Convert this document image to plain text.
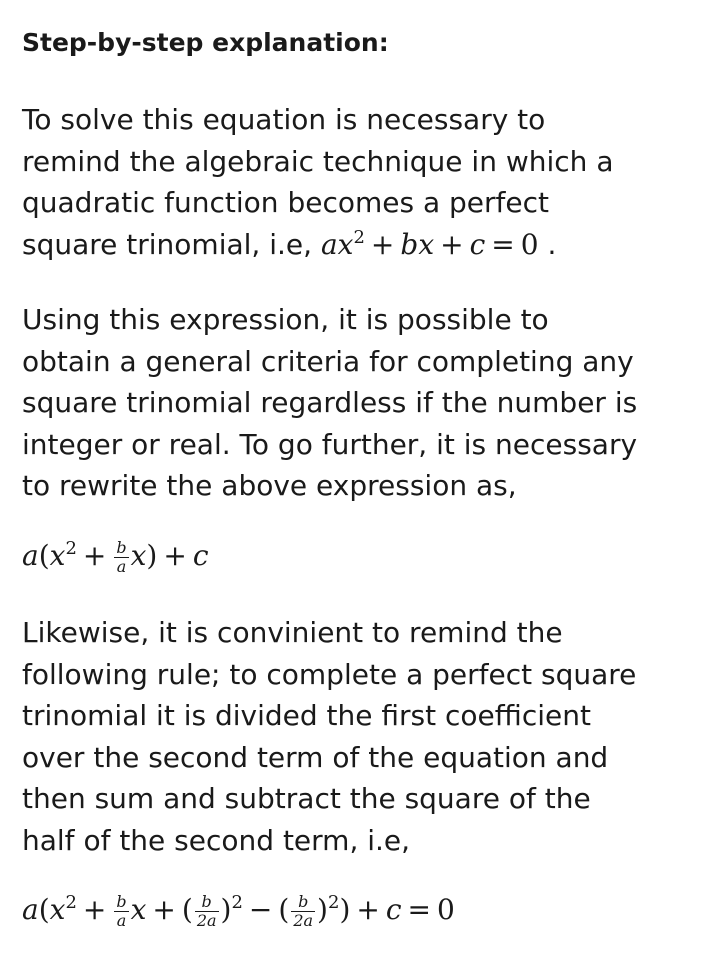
Step-by-step explanation:
To solve this equation is necessary to
remind the algebraic technique in which a
quadratic function becomes a perfect
square trinomial, i.e, $ax^2$ + bx + c = 0 .
Using this expression, it is possible to
obtain a general criteria for completing any
square trinomial regardless if the number is
integer or real. To go further, it is necessary
to rewrite the above expression as,
$a(x^2 + \frac{b}{a} x) + c$
Likewise, it is convinient to remind the
following rule; to complete a perfect square
trinomial it is divided the first coefficient
over the second term of the equation and
then sum and subtract the square of the
half of the second term, i.e,
$a(x^2 + \frac{b}{a}$ x + ( $\frac{b}{2a} )^2$ − ( $\frac{b}{2a} )^2) + c = 0$
